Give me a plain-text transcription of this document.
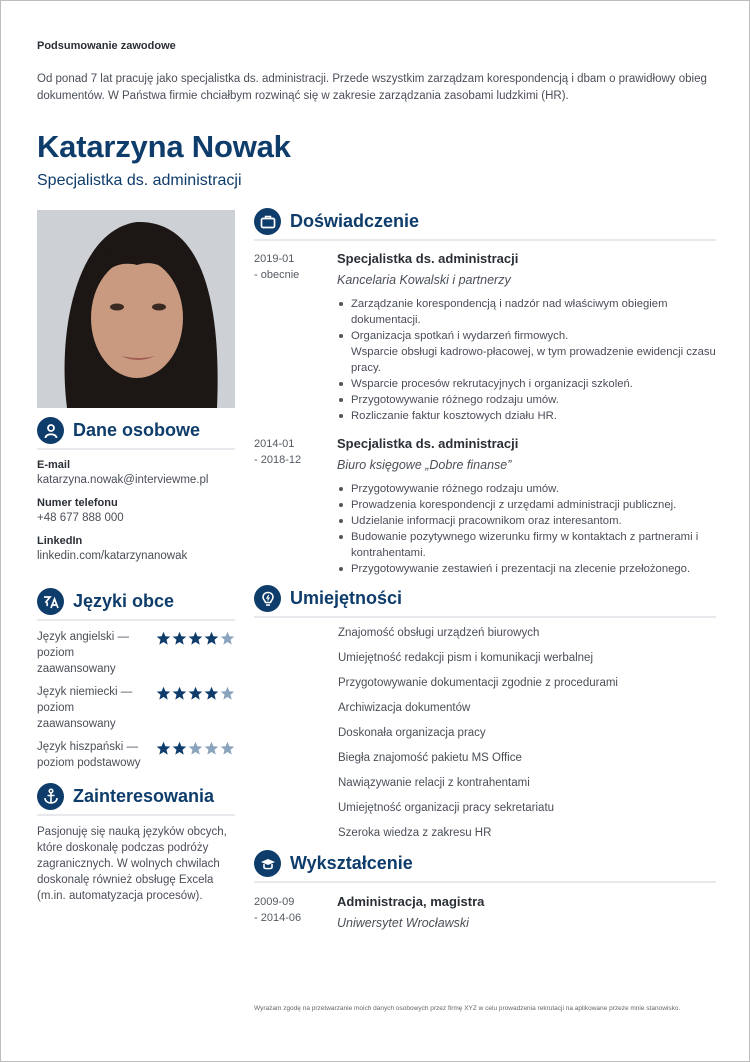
Podsumowanie zawodowe
Od ponad 7 lat pracuję jako specjalistka ds. administracji. Przede wszystkim zarządzam korespondencją i dbam o prawidłowy obieg dokumentów. W Państwa firmie chciałbym rozwinąć się w zakresie zarządzania zasobami ludzkimi (HR).
Katarzyna Nowak
Specjalistka ds. administracji
Dane osobowe
E-mail
katarzyna.nowak@interviewme.pl
Numer telefonu
+48 677 888 000
LinkedIn
linkedin.com/katarzynanowak
Języki obce
Język angielski — poziom zaawansowany
Język niemiecki — poziom zaawansowany
Język hiszpański — poziom podstawowy
Zainteresowania
Pasjonuję się nauką języków obcych, które doskonalę podczas podróży zagranicznych. W wolnych chwilach doskonalę również obsługę Excela (m.in. automatyzacja procesów).
Doświadczenie
2019-01
- obecnie
Specjalistka ds. administracji
Kancelaria Kowalski i partnerzy
Zarządzanie korespondencją i nadzór nad właściwym obiegiem dokumentacji.
Organizacja spotkań i wydarzeń firmowych.
Wsparcie obsługi kadrowo-płacowej, w tym prowadzenie ewidencji czasu pracy.
Wsparcie procesów rekrutacyjnych i organizacji szkoleń.
Przygotowywanie różnego rodzaju umów.
Rozliczanie faktur kosztowych działu HR.
2014-01
- 2018-12
Specjalistka ds. administracji
Biuro księgowe „Dobre finanse”
Przygotowywanie różnego rodzaju umów.
Prowadzenia korespondencji z urzędami administracji publicznej.
Udzielanie informacji pracownikom oraz interesantom.
Budowanie pozytywnego wizerunku firmy w kontaktach z partnerami i kontrahentami.
Przygotowywanie zestawień i prezentacji na zlecenie przełożonego.
Umiejętności
Znajomość obsługi urządzeń biurowych
Umiejętność redakcji pism i komunikacji werbalnej
Przygotowywanie dokumentacji zgodnie z procedurami
Archiwizacja dokumentów
Doskonała organizacja pracy
Biegła znajomość pakietu MS Office
Nawiązywanie relacji z kontrahentami
Umiejętność organizacji pracy sekretariatu
Szeroka wiedza z zakresu HR
Wykształcenie
2009-09
- 2014-06
Administracja, magistra
Uniwersytet Wrocławski
Wyrażam zgodę na przetwarzanie moich danych osobowych przez firmę XYZ w celu prowadzenia rekrutacji na aplikowane przeze mnie stanowisko.
